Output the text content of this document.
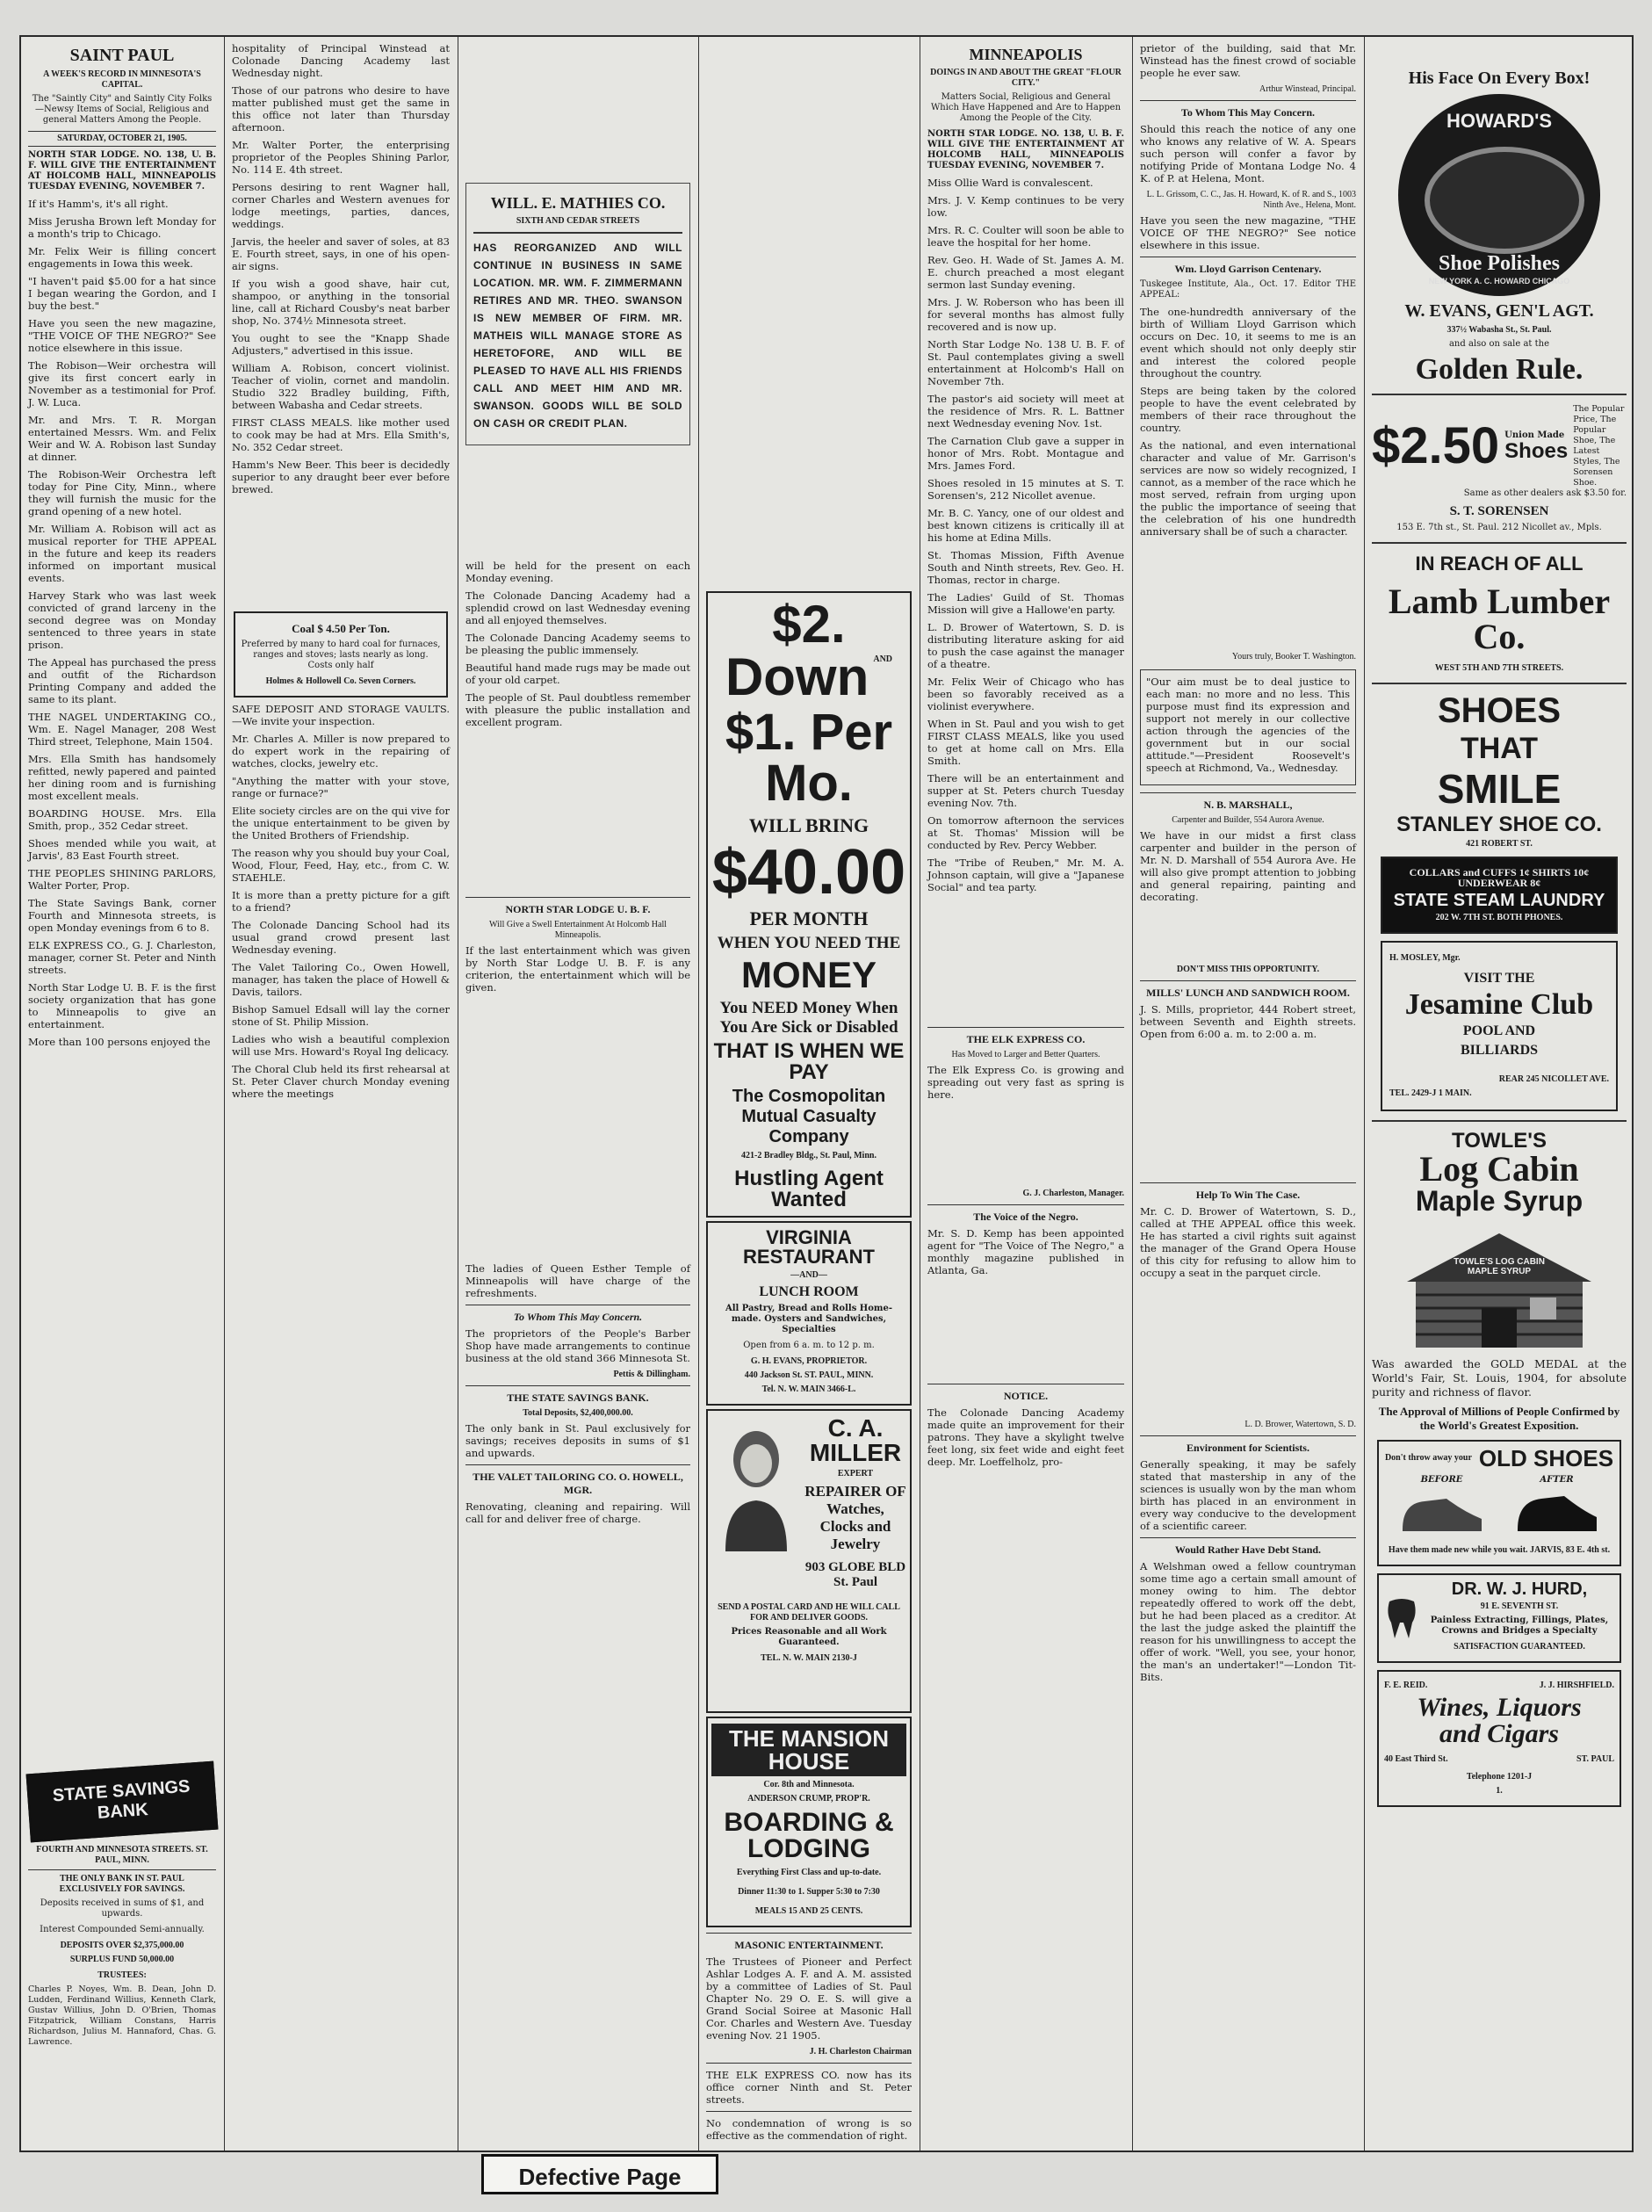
SAINT PAUL
A WEEK'S RECORD IN MINNESOTA'S CAPITAL.
The "Saintly City" and Saintly City Folks—Newsy Items of Social, Religious and general Matters Among the People.
SATURDAY, OCTOBER 21, 1905.
NORTH STAR LODGE. NO. 138, U. B. F. WILL GIVE THE ENTERTAINMENT AT HOLCOMB HALL, MINNEAPOLIS TUESDAY EVENING, NOVEMBER 7.

If it's Hamm's, it's all right.

Miss Jerusha Brown left Monday for a month's trip to Chicago.

Mr. Felix Weir is filling concert engagements in Iowa this week.

"I haven't paid $5.00 for a hat since I began wearing the Gordon, and I buy the best."

Have you seen the new magazine, "THE VOICE OF THE NEGRO?" See notice elsewhere in this issue.

The Robison—Weir orchestra will give its first concert early in November as a testimonial for Prof. J. W. Luca.

Mr. and Mrs. T. R. Morgan entertained Messrs. Wm. and Felix Weir and W. A. Robison last Sunday at dinner.

The Robison-Weir Orchestra left today for Pine City, Minn., where they will furnish the music for the grand opening of a new hotel.

Mr. William A. Robison will act as musical reporter for THE APPEAL in the future and keep its readers informed on important musical events.

Harvey Stark who was last week convicted of grand larceny in the second degree was on Monday sentenced to three years in state prison.

The Appeal has purchased the press and outfit of the Richardson Printing Company and added the same to its plant.

THE NAGEL UNDERTAKING CO., Wm. E. Nagel Manager, 208 West Third street, Telephone, Main 1504.

Mrs. Ella Smith has handsomely refitted, newly papered and painted her dining room and is furnishing most excellent meals.

BOARDING HOUSE. Mrs. Ella Smith, prop., 352 Cedar street.

Shoes mended while you wait, at Jarvis', 83 East Fourth street.

THE PEOPLES SHINING PARLORS, Walter Porter, Prop.

The State Savings Bank, corner Fourth and Minnesota streets, is open Monday evenings from 6 to 8.

ELK EXPRESS CO., G. J. Charleston, manager, corner St. Peter and Ninth streets.

North Star Lodge U. B. F. is the first society organization that has gone to Minneapolis to give an entertainment.

More than 100 persons enjoyed the

STATE SAVINGS BANK
FOURTH AND MINNESOTA STREETS. ST. PAUL, MINN.
THE ONLY BANK IN ST. PAUL EXCLUSIVELY FOR SAVINGS.
Deposits received in sums of $1, and upwards.
Interest Compounded Semi-annually.
DEPOSITS OVER $2,375,000.00
SURPLUS FUND 50,000.00
TRUSTEES:
Charles P. Noyes, Wm. B. Dean, John D. Ludden, Ferdinand Willius, Kenneth Clark, Gustav Willius, John D. O'Brien, Thomas Fitzpatrick, William Constans, Harris Richardson, Julius M. Hannaford, Chas. G. Lawrence.

hospitality of Principal Winstead at Colonade Dancing Academy last Wednesday night.

Those of our patrons who desire to have matter published must get the same in this office not later than Thursday afternoon.

Mr. Walter Porter, the enterprising proprietor of the Peoples Shining Parlor, No. 114 E. 4th street.

Persons desiring to rent Wagner hall, corner Charles and Western avenues for lodge meetings, parties, dances, weddings.

Jarvis, the heeler and saver of soles, at 83 E. Fourth street, says, in one of his open-air signs.

If you wish a good shave, hair cut, shampoo, or anything in the tonsorial line, call at Richard Cousby's neat barber shop, No. 374½ Minnesota street.

You ought to see the "Knapp Shade Adjusters," advertised in this issue.

William A. Robison, concert violinist. Teacher of violin, cornet and mandolin. Studio 322 Bradley building, Fifth, between Wabasha and Cedar streets.

FIRST CLASS MEALS. like mother used to cook may be had at Mrs. Ella Smith's, No. 352 Cedar street.

Hamm's New Beer. This beer is decidedly superior to any draught beer ever before brewed.

Coal $ 4.50 Per Ton.
Preferred by many to hard coal for furnaces, ranges and stoves; lasts nearly as long. Costs only half
Holmes & Hollowell Co. Seven Corners.

SAFE DEPOSIT AND STORAGE VAULTS.—We invite your inspection.

Mr. Charles A. Miller is now prepared to do expert work in the repairing of watches, clocks, jewelry etc.

"Anything the matter with your stove, range or furnace?"

Elite society circles are on the qui vive for the unique entertainment to be given by the United Brothers of Friendship.

The reason why you should buy your Coal, Wood, Flour, Feed, Hay, etc., from C. W. STAEHLE.

It is more than a pretty picture for a gift to a friend?

The Colonade Dancing School had its usual grand crowd present last Wednesday evening.

The Valet Tailoring Co., Owen Howell, manager, has taken the place of Howell & Davis, tailors.

Bishop Samuel Edsall will lay the corner stone of St. Philip Mission.

Ladies who wish a beautiful complexion will use Mrs. Howard's Royal Ing delicacy.

The Choral Club held its first rehearsal at St. Peter Claver church Monday evening where the meetings

WILL. E. MATHIES CO.
SIXTH AND CEDAR STREETS
HAS REORGANIZED AND WILL CONTINUE IN BUSINESS IN SAME LOCATION. MR. WM. F. ZIMMERMANN RETIRES AND MR. THEO. SWANSON IS NEW MEMBER OF FIRM. MR. MATHEIS WILL MANAGE STORE AS HERETOFORE, AND WILL BE PLEASED TO HAVE ALL HIS FRIENDS CALL AND MEET HIM AND MR. SWANSON. GOODS WILL BE SOLD ON CASH OR CREDIT PLAN.

will be held for the present on each Monday evening.

The Colonade Dancing Academy had a splendid crowd on last Wednesday evening and all enjoyed themselves.

The Colonade Dancing Academy seems to be pleasing the public immensely.

Beautiful hand made rugs may be made out of your old carpet.

The people of St. Paul doubtless remember with pleasure the public installation and excellent program.

NORTH STAR LODGE U. B. F.
Will Give a Swell Entertainment At Holcomb Hall Minneapolis.

If the last entertainment which was given by North Star Lodge U. B. F. is any criterion, the entertainment which will be given.

The ladies of Queen Esther Temple of Minneapolis will have charge of the refreshments.

To Whom This May Concern.

The proprietors of the People's Barber Shop have made arrangements to continue business at the old stand 366 Minnesota St.

Pettis & Dillingham.
THE STATE SAVINGS BANK.
Total Deposits, $2,400,000.00.

The only bank in St. Paul exclusively for savings; receives deposits in sums of $1 and upwards.

THE VALET TAILORING CO. O. HOWELL, MGR.

Renovating, cleaning and repairing. Will call for and deliver free of charge.

$2. Down AND
$1. Per Mo.
WILL BRING
$40.00
PER MONTH
WHEN YOU NEED THE
MONEY
You NEED Money When You Are Sick or Disabled
THAT IS WHEN WE PAY
The Cosmopolitan Mutual Casualty Company
421-2 Bradley Bldg., St. Paul, Minn.
Hustling Agent Wanted
VIRGINIA RESTAURANT
—AND—
LUNCH ROOM
All Pastry, Bread and Rolls Home-made. Oysters and Sandwiches, Specialties
Open from 6 a. m. to 12 p. m.
G. H. EVANS, PROPRIETOR.
440 Jackson St. ST. PAUL, MINN.
Tel. N. W. MAIN 3466-L.
C. A. MILLER
EXPERT
REPAIRER OF Watches, Clocks and Jewelry
903 GLOBE BLD St. Paul
SEND A POSTAL CARD AND HE WILL CALL FOR AND DELIVER GOODS.
Prices Reasonable and all Work Guaranteed.
TEL. N. W. MAIN 2130-J
THE MANSION HOUSE
Cor. 8th and Minnesota.
ANDERSON CRUMP, PROP'R.
BOARDING & LODGING
Everything First Class and up-to-date.
Dinner 11:30 to 1. Supper 5:30 to 7:30
MEALS 15 AND 25 CENTS.
MASONIC ENTERTAINMENT.

The Trustees of Pioneer and Perfect Ashlar Lodges A. F. and A. M. assisted by a committee of Ladies of St. Paul Chapter No. 29 O. E. S. will give a Grand Social Soiree at Masonic Hall Cor. Charles and Western Ave. Tuesday evening Nov. 21 1905.

J. H. Charleston Chairman

THE ELK EXPRESS CO. now has its office corner Ninth and St. Peter streets.

No condemnation of wrong is so effective as the commendation of right.

MINNEAPOLIS
DOINGS IN AND ABOUT THE GREAT "FLOUR CITY."
Matters Social, Religious and General Which Have Happened and Are to Happen Among the People of the City.
NORTH STAR LODGE. NO. 138, U. B. F. WILL GIVE THE ENTERTAINMENT AT HOLCOMB HALL, MINNEAPOLIS TUESDAY EVENING, NOVEMBER 7.

Miss Ollie Ward is convalescent.

Mrs. J. V. Kemp continues to be very low.

Mrs. R. C. Coulter will soon be able to leave the hospital for her home.

Rev. Geo. H. Wade of St. James A. M. E. church preached a most elegant sermon last Sunday evening.

Mrs. J. W. Roberson who has been ill for several months has almost fully recovered and is now up.

North Star Lodge No. 138 U. B. F. of St. Paul contemplates giving a swell entertainment at Holcomb's Hall on November 7th.

The pastor's aid society will meet at the residence of Mrs. R. L. Battner next Wednesday evening Nov. 1st.

The Carnation Club gave a supper in honor of Mrs. Robt. Montague and Mrs. James Ford.

Shoes resoled in 15 minutes at S. T. Sorensen's, 212 Nicollet avenue.

Mr. B. C. Yancy, one of our oldest and best known citizens is critically ill at his home at Edina Mills.

St. Thomas Mission, Fifth Avenue South and Ninth streets, Rev. Geo. H. Thomas, rector in charge.

The Ladies' Guild of St. Thomas Mission will give a Hallowe'en party.

L. D. Brower of Watertown, S. D. is distributing literature asking for aid to push the case against the manager of a theatre.

Mr. Felix Weir of Chicago who has been so favorably received as a violinist everywhere.

When in St. Paul and you wish to get FIRST CLASS MEALS, like you used to get at home call on Mrs. Ella Smith.

There will be an entertainment and supper at St. Peters church Tuesday evening Nov. 7th.

On tomorrow afternoon the services at St. Thomas' Mission will be conducted by Rev. Percy Webber.

The "Tribe of Reuben," Mr. M. A. Johnson captain, will give a "Japanese Social" and tea party.

THE ELK EXPRESS CO.
Has Moved to Larger and Better Quarters.

The Elk Express Co. is growing and spreading out very fast as spring is here.

G. J. Charleston, Manager.
The Voice of the Negro.

Mr. S. D. Kemp has been appointed agent for "The Voice of The Negro," a monthly magazine published in Atlanta, Ga.

NOTICE.

The Colonade Dancing Academy made quite an improvement for their patrons. They have a skylight twelve feet long, six feet wide and eight feet deep. Mr. Loeffelholz, pro-

prietor of the building, said that Mr. Winstead has the finest crowd of sociable people he ever saw.

Arthur Winstead, Principal.
To Whom This May Concern.

Should this reach the notice of any one who knows any relative of W. A. Spears such person will confer a favor by notifying Pride of Montana Lodge No. 4 K. of P. at Helena, Mont.

L. L. Grissom, C. C., Jas. H. Howard, K. of R. and S., 1003 Ninth Ave., Helena, Mont.

Have you seen the new magazine, "THE VOICE OF THE NEGRO?" See notice elsewhere in this issue.

Wm. Lloyd Garrison Centenary.
Tuskegee Institute, Ala., Oct. 17. Editor THE APPEAL:

The one-hundredth anniversary of the birth of William Lloyd Garrison which occurs on Dec. 10, it seems to me is an event which should not only deeply stir and interest the colored people throughout the country.

Steps are being taken by the colored people to have the event celebrated by members of their race throughout the country.

As the national, and even international character and value of Mr. Garrison's services are now so widely recognized, I cannot, as a member of the race which he most served, refrain from urging upon the public the importance of seeing that the celebration of his one hundredth anniversary shall be of such a character.

Yours truly, Booker T. Washington.

"Our aim must be to deal justice to each man: no more and no less. This purpose must find its expression and support not merely in our collective action through the agencies of the government but in our social attitude."—President Roosevelt's speech at Richmond, Va., Wednesday.

N. B. MARSHALL,
Carpenter and Builder, 554 Aurora Avenue.

We have in our midst a first class carpenter and builder in the person of Mr. N. D. Marshall of 554 Aurora Ave. He will also give prompt attention to jobbing and general repairing, painting and decorating.

DON'T MISS THIS OPPORTUNITY.
MILLS' LUNCH AND SANDWICH ROOM.

J. S. Mills, proprietor, 444 Robert street, between Seventh and Eighth streets. Open from 6:00 a. m. to 2:00 a. m.

Help To Win The Case.

Mr. C. D. Brower of Watertown, S. D., called at THE APPEAL office this week. He has started a civil rights suit against the manager of the Grand Opera House of this city for refusing to allow him to occupy a seat in the parquet circle.

L. D. Brower, Watertown, S. D.
Environment for Scientists.

Generally speaking, it may be safely stated that mastership in any of the sciences is usually won by the man whom birth has placed in an environment in every way conducive to the development of a scientific career.

Would Rather Have Debt Stand.

A Welshman owed a fellow countryman some time ago a certain small amount of money owing to him. The debtor repeatedly offered to work off the debt, but he had been placed as a creditor. At the last the judge asked the plaintiff the reason for his unwillingness to accept the offer of work. "Well, you see, your honor, the man's an undertaker!"—London Tit-Bits.

His Face On Every Box!
HOWARD'S
Shoe Polishes
NEW YORK A. C. HOWARD CHICAGO
W. EVANS, GEN'L AGT.
337½ Wabasha St., St. Paul.
and also on sale at the
Golden Rule.
$2.50 Union Made
Shoes
The Popular Price, The Popular Shoe, The Latest Styles, The Sorensen Shoe.
Same as other dealers ask $3.50 for.
S. T. SORENSEN
153 E. 7th st., St. Paul. 212 Nicollet av., Mpls.
IN REACH OF ALL
Lamb Lumber Co.
WEST 5TH AND 7TH STREETS.
SHOES
THAT
SMILE
STANLEY SHOE CO.
421 ROBERT ST.
COLLARS and CUFFS 1¢ SHIRTS 10¢ UNDERWEAR 8¢
STATE STEAM LAUNDRY
202 W. 7TH ST. BOTH PHONES.
H. MOSLEY, Mgr.
VISIT THE
Jesamine Club
POOL AND
BILLIARDS
REAR 245 NICOLLET AVE.
TEL. 2429-J 1 MAIN.
TOWLE'S
Log Cabin
Maple Syrup
TOWLE'S LOG CABIN MAPLE SYRUP

Was awarded the GOLD MEDAL at the World's Fair, St. Louis, 1904, for absolute purity and richness of flavor.

The Approval of Millions of People Confirmed by the World's Greatest Exposition.
Don't throw away your OLD SHOES
BEFORE	AFTER
Have them made new while you wait. JARVIS, 83 E. 4th st.
DR. W. J. HURD,
91 E. SEVENTH ST.
Painless Extracting, Fillings, Plates, Crowns and Bridges a Specialty
SATISFACTION GUARANTEED.
F. E. REID.	J. J. HIRSHFIELD.
Wines, Liquors
and Cigars
40 East Third St.	ST. PAUL
Telephone 1201-J
1.
Defective Page
